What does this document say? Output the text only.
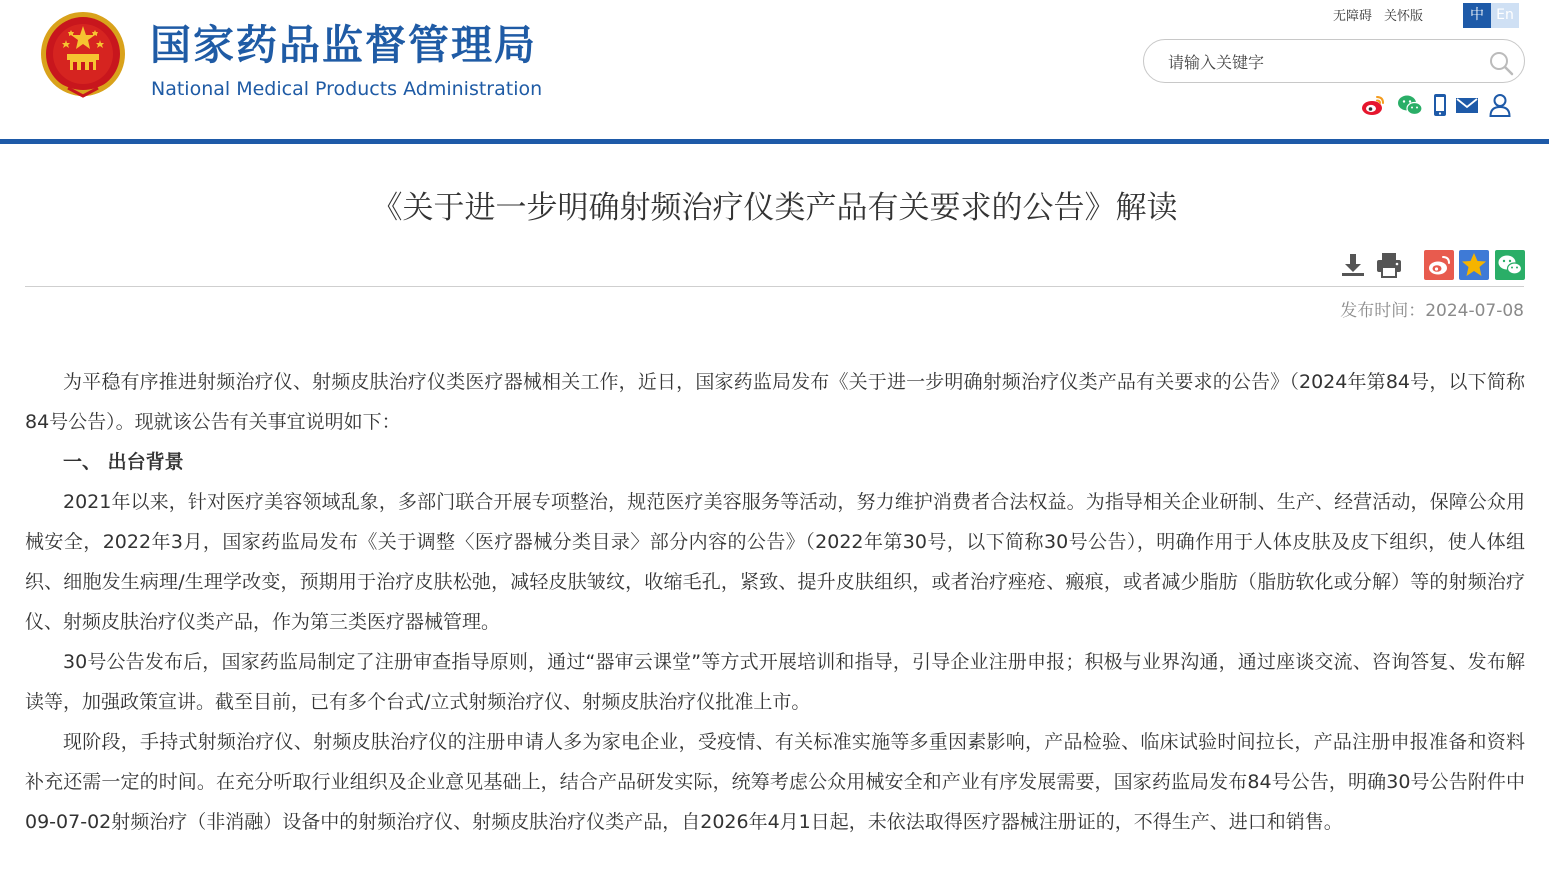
国家药品监督管理局
National Medical Products Administration
无障碍 关怀版	中 En
请输入关键字
《关于进一步明确射频治疗仪类产品有关要求的公告》解读
发布时间：2024-07-08

为平稳有序推进射频治疗仪、射频皮肤治疗仪类医疗器械相关工作，近日，国家药监局发布《关于进一步明确射频治疗仪类产品有关要求的公告》（2024年第84号，以下简称84号公告）。现就该公告有关事宜说明如下：

一、 出台背景

2021年以来，针对医疗美容领域乱象，多部门联合开展专项整治，规范医疗美容服务等活动，努力维护消费者合法权益。为指导相关企业研制、生产、经营活动，保障公众用械安全，2022年3月，国家药监局发布《关于调整〈医疗器械分类目录〉部分内容的公告》（2022年第30号，以下简称30号公告），明确作用于人体皮肤及皮下组织，使人体组织、细胞发生病理/生理学改变，预期用于治疗皮肤松弛，减轻皮肤皱纹，收缩毛孔，紧致、提升皮肤组织，或者治疗痤疮、瘢痕，或者减少脂肪（脂肪软化或分解）等的射频治疗仪、射频皮肤治疗仪类产品，作为第三类医疗器械管理。

30号公告发布后，国家药监局制定了注册审查指导原则，通过“器审云课堂”等方式开展培训和指导，引导企业注册申报；积极与业界沟通，通过座谈交流、咨询答复、发布解读等，加强政策宣讲。截至目前，已有多个台式/立式射频治疗仪、射频皮肤治疗仪批准上市。

现阶段，手持式射频治疗仪、射频皮肤治疗仪的注册申请人多为家电企业，受疫情、有关标准实施等多重因素影响，产品检验、临床试验时间拉长，产品注册申报准备和资料补充还需一定的时间。在充分听取行业组织及企业意见基础上，结合产品研发实际，统筹考虑公众用械安全和产业有序发展需要，国家药监局发布84号公告，明确30号公告附件中09-07-02射频治疗（非消融）设备中的射频治疗仪、射频皮肤治疗仪类产品，自2026年4月1日起，未依法取得医疗器械注册证的，不得生产、进口和销售。
